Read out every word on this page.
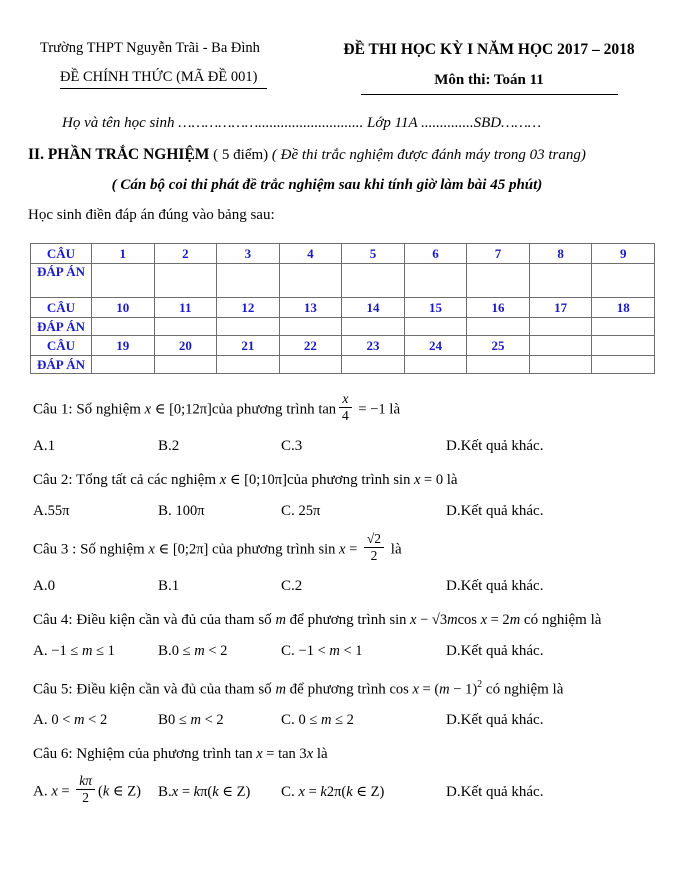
Trường THPT Nguyễn Trãi - Ba Đình
ĐỀ CHÍNH THỨC (MÃ ĐỀ 001)
ĐỀ THI HỌC KỲ I NĂM HỌC 2017 – 2018
Môn thi: Toán 11
Họ và tên học sinh ………………............................ Lớp 11A ..............SBD………
II. PHẦN TRẮC NGHIỆM ( 5 điểm) ( Đề thi trắc nghiệm được đánh máy trong 03 trang)
( Cán bộ coi thi phát đề trắc nghiệm sau khi tính giờ làm bài 45 phút)
Học sinh điền đáp án đúng vào bảng sau:
CÂU	1	2	3	4	5	6	7	8	9
ĐÁP ÁN									
CÂU	10	11	12	13	14	15	16	17	18
ĐÁP ÁN									
CÂU	19	20	21	22	23	24	25		
ĐÁP ÁN									
Câu 1: Số nghiệm x ∈ [0;12π]của phương trình $\tan \frac{x}{4} = -1$ là
A.1	B.2	C.3	D.Kết quả khác.
Câu 2: Tổng tất cả các nghiệm x ∈ [0;10π]của phương trình sin x = 0 là
A.55π	B. 100π	C. 25π	D.Kết quả khác.
Câu 3 : Số nghiệm x ∈ [0;2π] của phương trình $\sin x = \frac{√2}{2}$ là
A.0	B.1	C.2	D.Kết quả khác.
Câu 4: Điều kiện cần và đủ của tham số m để phương trình sin x − √3mcos x = 2m có nghiệm là
A. −1 ≤ m ≤ 1	B.0 ≤ m < 2	C. −1 < m < 1	D.Kết quả khác.
Câu 5: Điều kiện cần và đủ của tham số m để phương trình $\cos x = (m - 1)^2$ có nghiệm là
A. 0 < m < 2	B0 ≤ m < 2	C. 0 ≤ m ≤ 2	D.Kết quả khác.
Câu 6: Nghiệm của phương trình tan x = tan 3x là
A. $x = \frac{k\pi}{2} (k$ ∈ Z)	B.x = kπ(k ∈ Z)	C. x = k2π(k ∈ Z)	D.Kết quả khác.
